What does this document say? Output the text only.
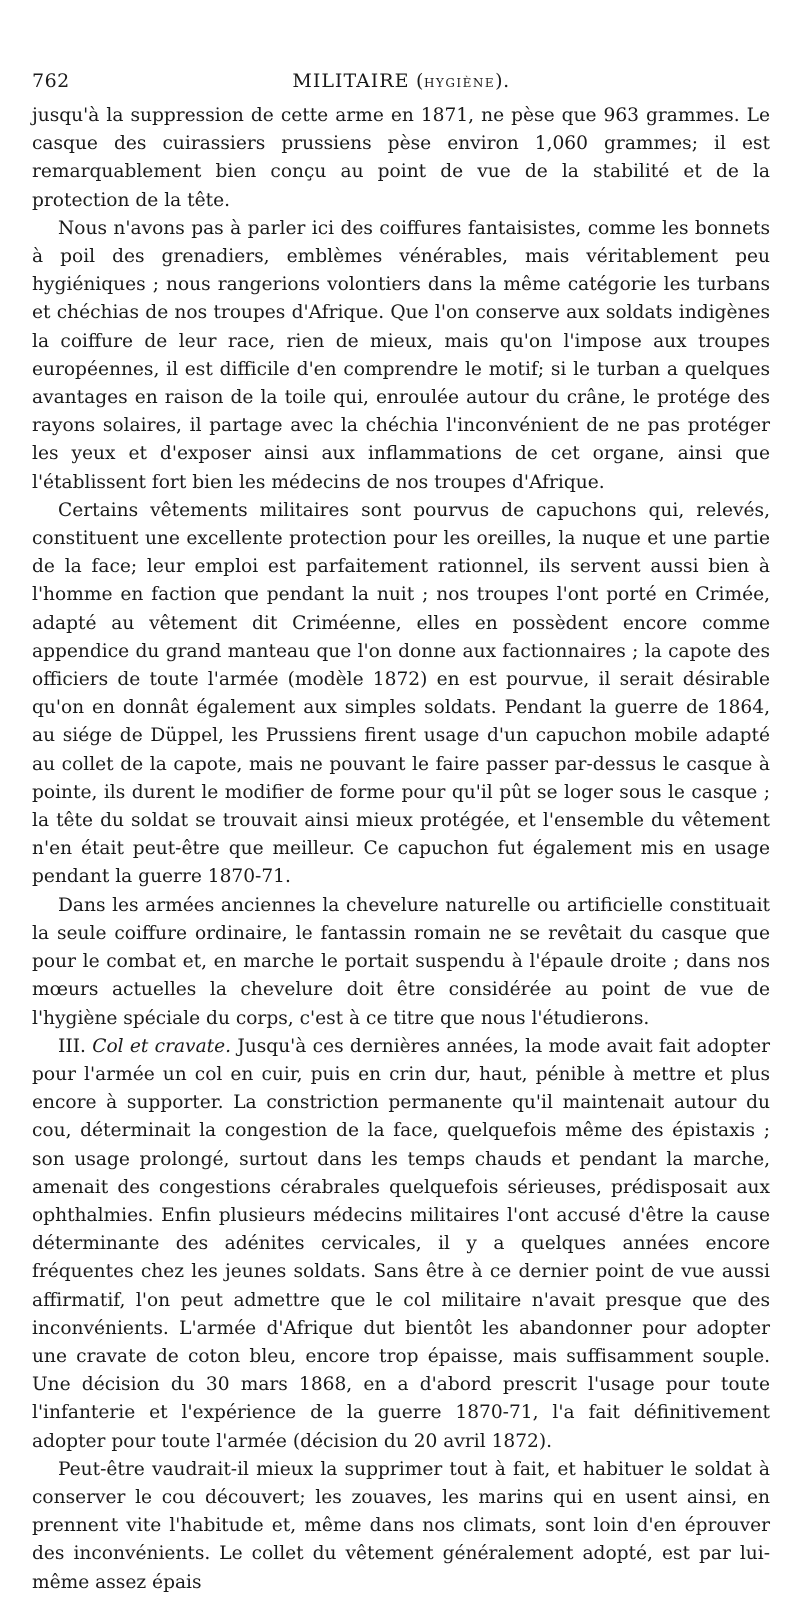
762	MILITAIRE (HYGIÈNE).

jusqu'à la suppression de cette arme en 1871, ne pèse que 963 grammes. Le casque des cuirassiers prussiens pèse environ 1,060 grammes; il est remarquablement bien conçu au point de vue de la stabilité et de la protection de la tête.

Nous n'avons pas à parler ici des coiffures fantaisistes, comme les bonnets à poil des grenadiers, emblèmes vénérables, mais véritablement peu hygiéniques ; nous rangerions volontiers dans la même catégorie les turbans et chéchias de nos troupes d'Afrique. Que l'on conserve aux soldats indigènes la coiffure de leur race, rien de mieux, mais qu'on l'impose aux troupes européennes, il est difficile d'en comprendre le motif; si le turban a quelques avantages en raison de la toile qui, enroulée autour du crâne, le protége des rayons solaires, il partage avec la chéchia l'inconvénient de ne pas protéger les yeux et d'exposer ainsi aux inflammations de cet organe, ainsi que l'établissent fort bien les médecins de nos troupes d'Afrique.

Certains vêtements militaires sont pourvus de capuchons qui, relevés, constituent une excellente protection pour les oreilles, la nuque et une partie de la face; leur emploi est parfaitement rationnel, ils servent aussi bien à l'homme en faction que pendant la nuit ; nos troupes l'ont porté en Crimée, adapté au vêtement dit Criméenne, elles en possèdent encore comme appendice du grand manteau que l'on donne aux factionnaires ; la capote des officiers de toute l'armée (modèle 1872) en est pourvue, il serait désirable qu'on en donnât également aux simples soldats. Pendant la guerre de 1864, au siége de Düppel, les Prussiens firent usage d'un capuchon mobile adapté au collet de la capote, mais ne pouvant le faire passer par-dessus le casque à pointe, ils durent le modifier de forme pour qu'il pût se loger sous le casque ; la tête du soldat se trouvait ainsi mieux protégée, et l'ensemble du vêtement n'en était peut-être que meilleur. Ce capuchon fut également mis en usage pendant la guerre 1870-71.

Dans les armées anciennes la chevelure naturelle ou artificielle constituait la seule coiffure ordinaire, le fantassin romain ne se revêtait du casque que pour le combat et, en marche le portait suspendu à l'épaule droite ; dans nos mœurs actuelles la chevelure doit être considérée au point de vue de l'hygiène spéciale du corps, c'est à ce titre que nous l'étudierons.

III. Col et cravate. Jusqu'à ces dernières années, la mode avait fait adopter pour l'armée un col en cuir, puis en crin dur, haut, pénible à mettre et plus encore à supporter. La constriction permanente qu'il maintenait autour du cou, déterminait la congestion de la face, quelquefois même des épistaxis ; son usage prolongé, surtout dans les temps chauds et pendant la marche, amenait des congestions cérabrales quelquefois sérieuses, prédisposait aux ophthalmies. Enfin plusieurs médecins militaires l'ont accusé d'être la cause déterminante des adénites cervicales, il y a quelques années encore fréquentes chez les jeunes soldats. Sans être à ce dernier point de vue aussi affirmatif, l'on peut admettre que le col militaire n'avait presque que des inconvénients. L'armée d'Afrique dut bientôt les abandonner pour adopter une cravate de coton bleu, encore trop épaisse, mais suffisamment souple. Une décision du 30 mars 1868, en a d'abord prescrit l'usage pour toute l'infanterie et l'expérience de la guerre 1870-71, l'a fait définitivement adopter pour toute l'armée (décision du 20 avril 1872).

Peut-être vaudrait-il mieux la supprimer tout à fait, et habituer le soldat à conserver le cou découvert; les zouaves, les marins qui en usent ainsi, en prennent vite l'habitude et, même dans nos climats, sont loin d'en éprouver des inconvénients. Le collet du vêtement généralement adopté, est par lui-même assez épais
